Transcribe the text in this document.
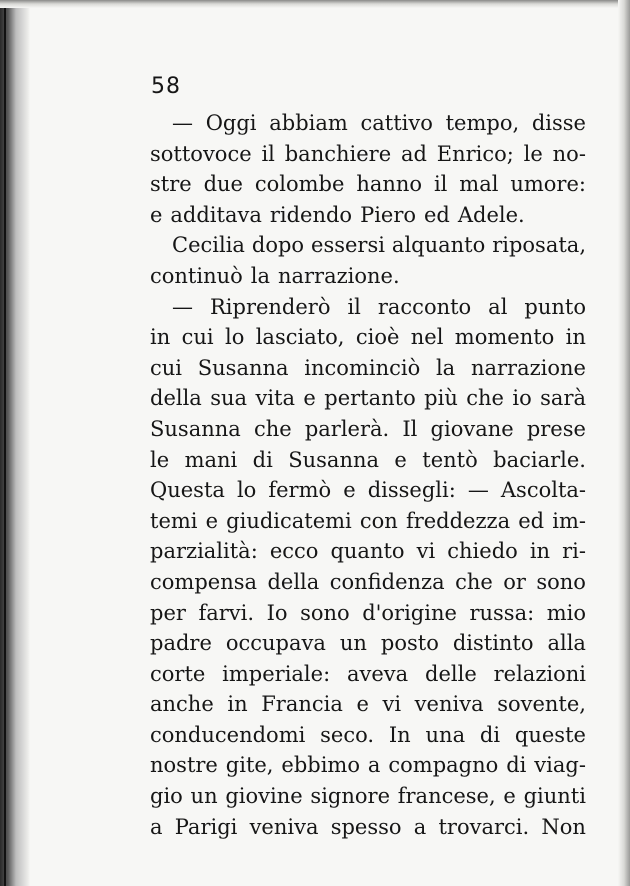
58
— Oggi abbiam cattivo tempo, disse
sottovoce il banchiere ad Enrico; le no-
stre due colombe hanno il mal umore:
e additava ridendo Piero ed Adele.
Cecilia dopo essersi alquanto riposata,
continuò la narrazione.
— Riprenderò il racconto al punto
in cui lo lasciato, cioè nel momento in
cui Susanna incominciò la narrazione
della sua vita e pertanto più che io sarà
Susanna che parlerà. Il giovane prese
le mani di Susanna e tentò baciarle.
Questa lo fermò e dissegli: — Ascolta-
temi e giudicatemi con freddezza ed im-
parzialità: ecco quanto vi chiedo in ri-
compensa della confidenza che or sono
per farvi. Io sono d'origine russa: mio
padre occupava un posto distinto alla
corte imperiale: aveva delle relazioni
anche in Francia e vi veniva sovente,
conducendomi seco. In una di queste
nostre gite, ebbimo a compagno di viag-
gio un giovine signore francese, e giunti
a Parigi veniva spesso a trovarci. Non
